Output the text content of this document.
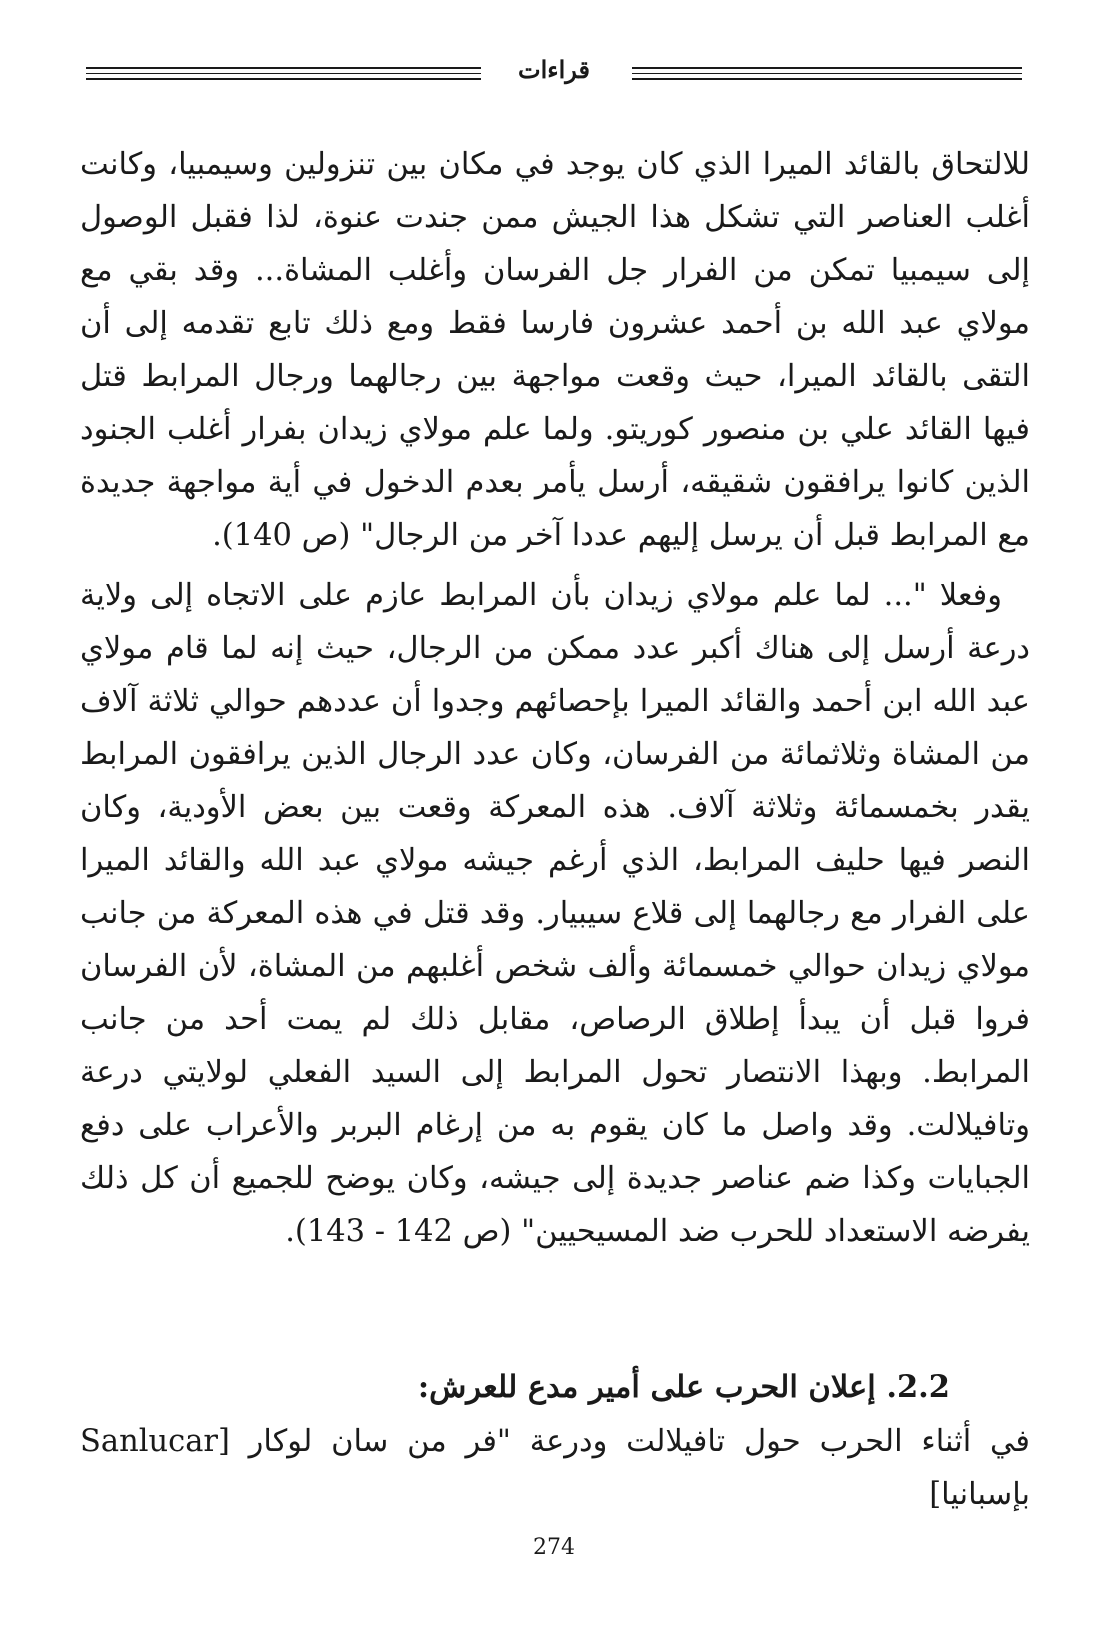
قراءات

للالتحاق بالقائد الميرا الذي كان يوجد في مكان بين تنزولين وسيمبيا، وكانت أغلب العناصر التي تشكل هذا الجيش ممن جندت عنوة، لذا فقبل الوصول إلى سيمبيا تمكن من الفرار جل الفرسان وأغلب المشاة... وقد بقي مع مولاي عبد الله بن أحمد عشرون فارسا فقط ومع ذلك تابع تقدمه إلى أن التقى بالقائد الميرا، حيث وقعت مواجهة بين رجالهما ورجال المرابط قتل فيها القائد علي بن منصور كوريتو. ولما علم مولاي زيدان بفرار أغلب الجنود الذين كانوا يرافقون شقيقه، أرسل يأمر بعدم الدخول في أية مواجهة جديدة مع المرابط قبل أن يرسل إليهم عددا آخر من الرجال" (ص 140).

وفعلا "... لما علم مولاي زيدان بأن المرابط عازم على الاتجاه إلى ولاية درعة أرسل إلى هناك أكبر عدد ممكن من الرجال، حيث إنه لما قام مولاي عبد الله ابن أحمد والقائد الميرا بإحصائهم وجدوا أن عددهم حوالي ثلاثة آلاف من المشاة وثلاثمائة من الفرسان، وكان عدد الرجال الذين يرافقون المرابط يقدر بخمسمائة وثلاثة آلاف. هذه المعركة وقعت بين بعض الأودية، وكان النصر فيها حليف المرابط، الذي أرغم جيشه مولاي عبد الله والقائد الميرا على الفرار مع رجالهما إلى قلاع سيبيار. وقد قتل في هذه المعركة من جانب مولاي زيدان حوالي خمسمائة وألف شخص أغلبهم من المشاة، لأن الفرسان فروا قبل أن يبدأ إطلاق الرصاص، مقابل ذلك لم يمت أحد من جانب المرابط. وبهذا الانتصار تحول المرابط إلى السيد الفعلي لولايتي درعة وتافيلالت. وقد واصل ما كان يقوم به من إرغام البربر والأعراب على دفع الجبايات وكذا ضم عناصر جديدة إلى جيشه، وكان يوضح للجميع أن كل ذلك يفرضه الاستعداد للحرب ضد المسيحيين" (ص 142 - 143).

2.2. إعلان الحرب على أمير مدع للعرش:

في أثناء الحرب حول تافيلالت ودرعة "فر من سان لوكار [Sanlucar بإسبانيا]

274
